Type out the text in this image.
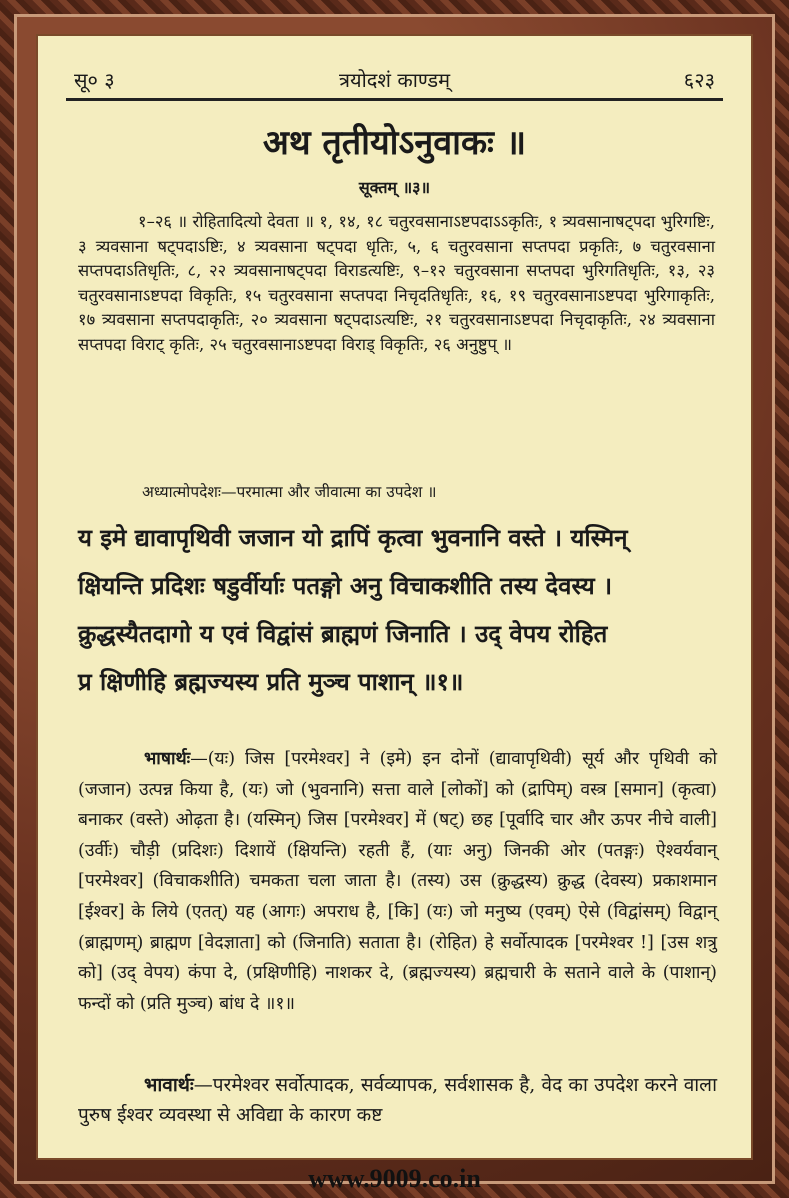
सू० ३	त्रयोदशं काण्डम्	६२३
अथ तृतीयोऽनुवाकः ॥
सूक्तम् ॥३॥
१–२६ ॥ रोहितादित्यो देवता ॥ १, १४, १८ चतुरवसानाऽष्टपदाऽऽकृतिः, १ त्र्यवसानाषट्पदा भुरिगष्टिः, ३ त्र्यवसाना षट्पदाऽष्टिः, ४ त्र्यवसाना षट्पदा धृतिः, ५, ६ चतुरवसाना सप्तपदा प्रकृतिः, ७ चतुरवसाना सप्तपदाऽतिधृतिः, ८, २२ त्र्यवसानाषट्पदा विराडत्यष्टिः, ९–१२ चतुरवसाना सप्तपदा भुरिगतिधृतिः, १३, २३ चतुरवसानाऽष्टपदा विकृतिः, १५ चतुरवसाना सप्तपदा निचृदतिधृतिः, १६, १९ चतुरवसानाऽष्टपदा भुरिगाकृतिः, १७ त्र्यवसाना सप्तपदाकृतिः, २० त्र्यवसाना षट्पदाऽत्यष्टिः, २१ चतुरवसानाऽष्टपदा निचृदाकृतिः, २४ त्र्यवसाना सप्तपदा विराट् कृतिः, २५ चतुरवसानाऽष्टपदा विराड् विकृतिः, २६ अनुष्टुप् ॥
अध्यात्मोपदेशः—परमात्मा और जीवात्मा का उपदेश ॥
य इमे द्यावापृथिवी जजान यो द्रापिं कृत्वा भुवनानि वस्ते । यस्मिन्
क्षियन्ति प्रदिशः षडुर्वीर्याः पतङ्गो अनु विचाकशीति तस्य देवस्य ।
क्रुद्धस्यैतदागो य एवं विद्वांसं ब्राह्मणं जिनाति । उद् वेपय रोहित
प्र क्षिणीहि ब्रह्मज्यस्य प्रति मुञ्च पाशान् ॥१॥
भाषार्थः—(यः) जिस [परमेश्वर] ने (इमे) इन दोनों (द्यावापृथिवी) सूर्य और पृथिवी को (जजान) उत्पन्न किया है, (यः) जो (भुवनानि) सत्ता वाले [लोकों] को (द्रापिम्) वस्त्र [समान] (कृत्वा) बनाकर (वस्ते) ओढ़ता है। (यस्मिन्) जिस [परमेश्वर] में (षट्) छह [पूर्वादि चार और ऊपर नीचे वाली] (उर्वीः) चौड़ी (प्रदिशः) दिशायें (क्षियन्ति) रहती हैं, (याः अनु) जिनकी ओर (पतङ्गः) ऐश्वर्यवान् [परमेश्वर] (विचाकशीति) चमकता चला जाता है। (तस्य) उस (क्रुद्धस्य) क्रुद्ध (देवस्य) प्रकाशमान [ईश्वर] के लिये (एतत्) यह (आगः) अपराध है, [कि] (यः) जो मनुष्य (एवम्) ऐसे (विद्वांसम्) विद्वान् (ब्राह्मणम्) ब्राह्मण [वेदज्ञाता] को (जिनाति) सताता है। (रोहित) हे सर्वोत्पादक [परमेश्वर !] [उस शत्रु को] (उद् वेपय) कंपा दे, (प्रक्षिणीहि) नाशकर दे, (ब्रह्मज्यस्य) ब्रह्मचारी के सताने वाले के (पाशान्) फन्दों को (प्रति मुञ्च) बांध दे ॥१॥
भावार्थः—परमेश्वर सर्वोत्पादक, सर्वव्यापक, सर्वशासक है, वेद का उपदेश करने वाला पुरुष ईश्वर व्यवस्था से अविद्या के कारण कष्ट
www.9009.co.in
